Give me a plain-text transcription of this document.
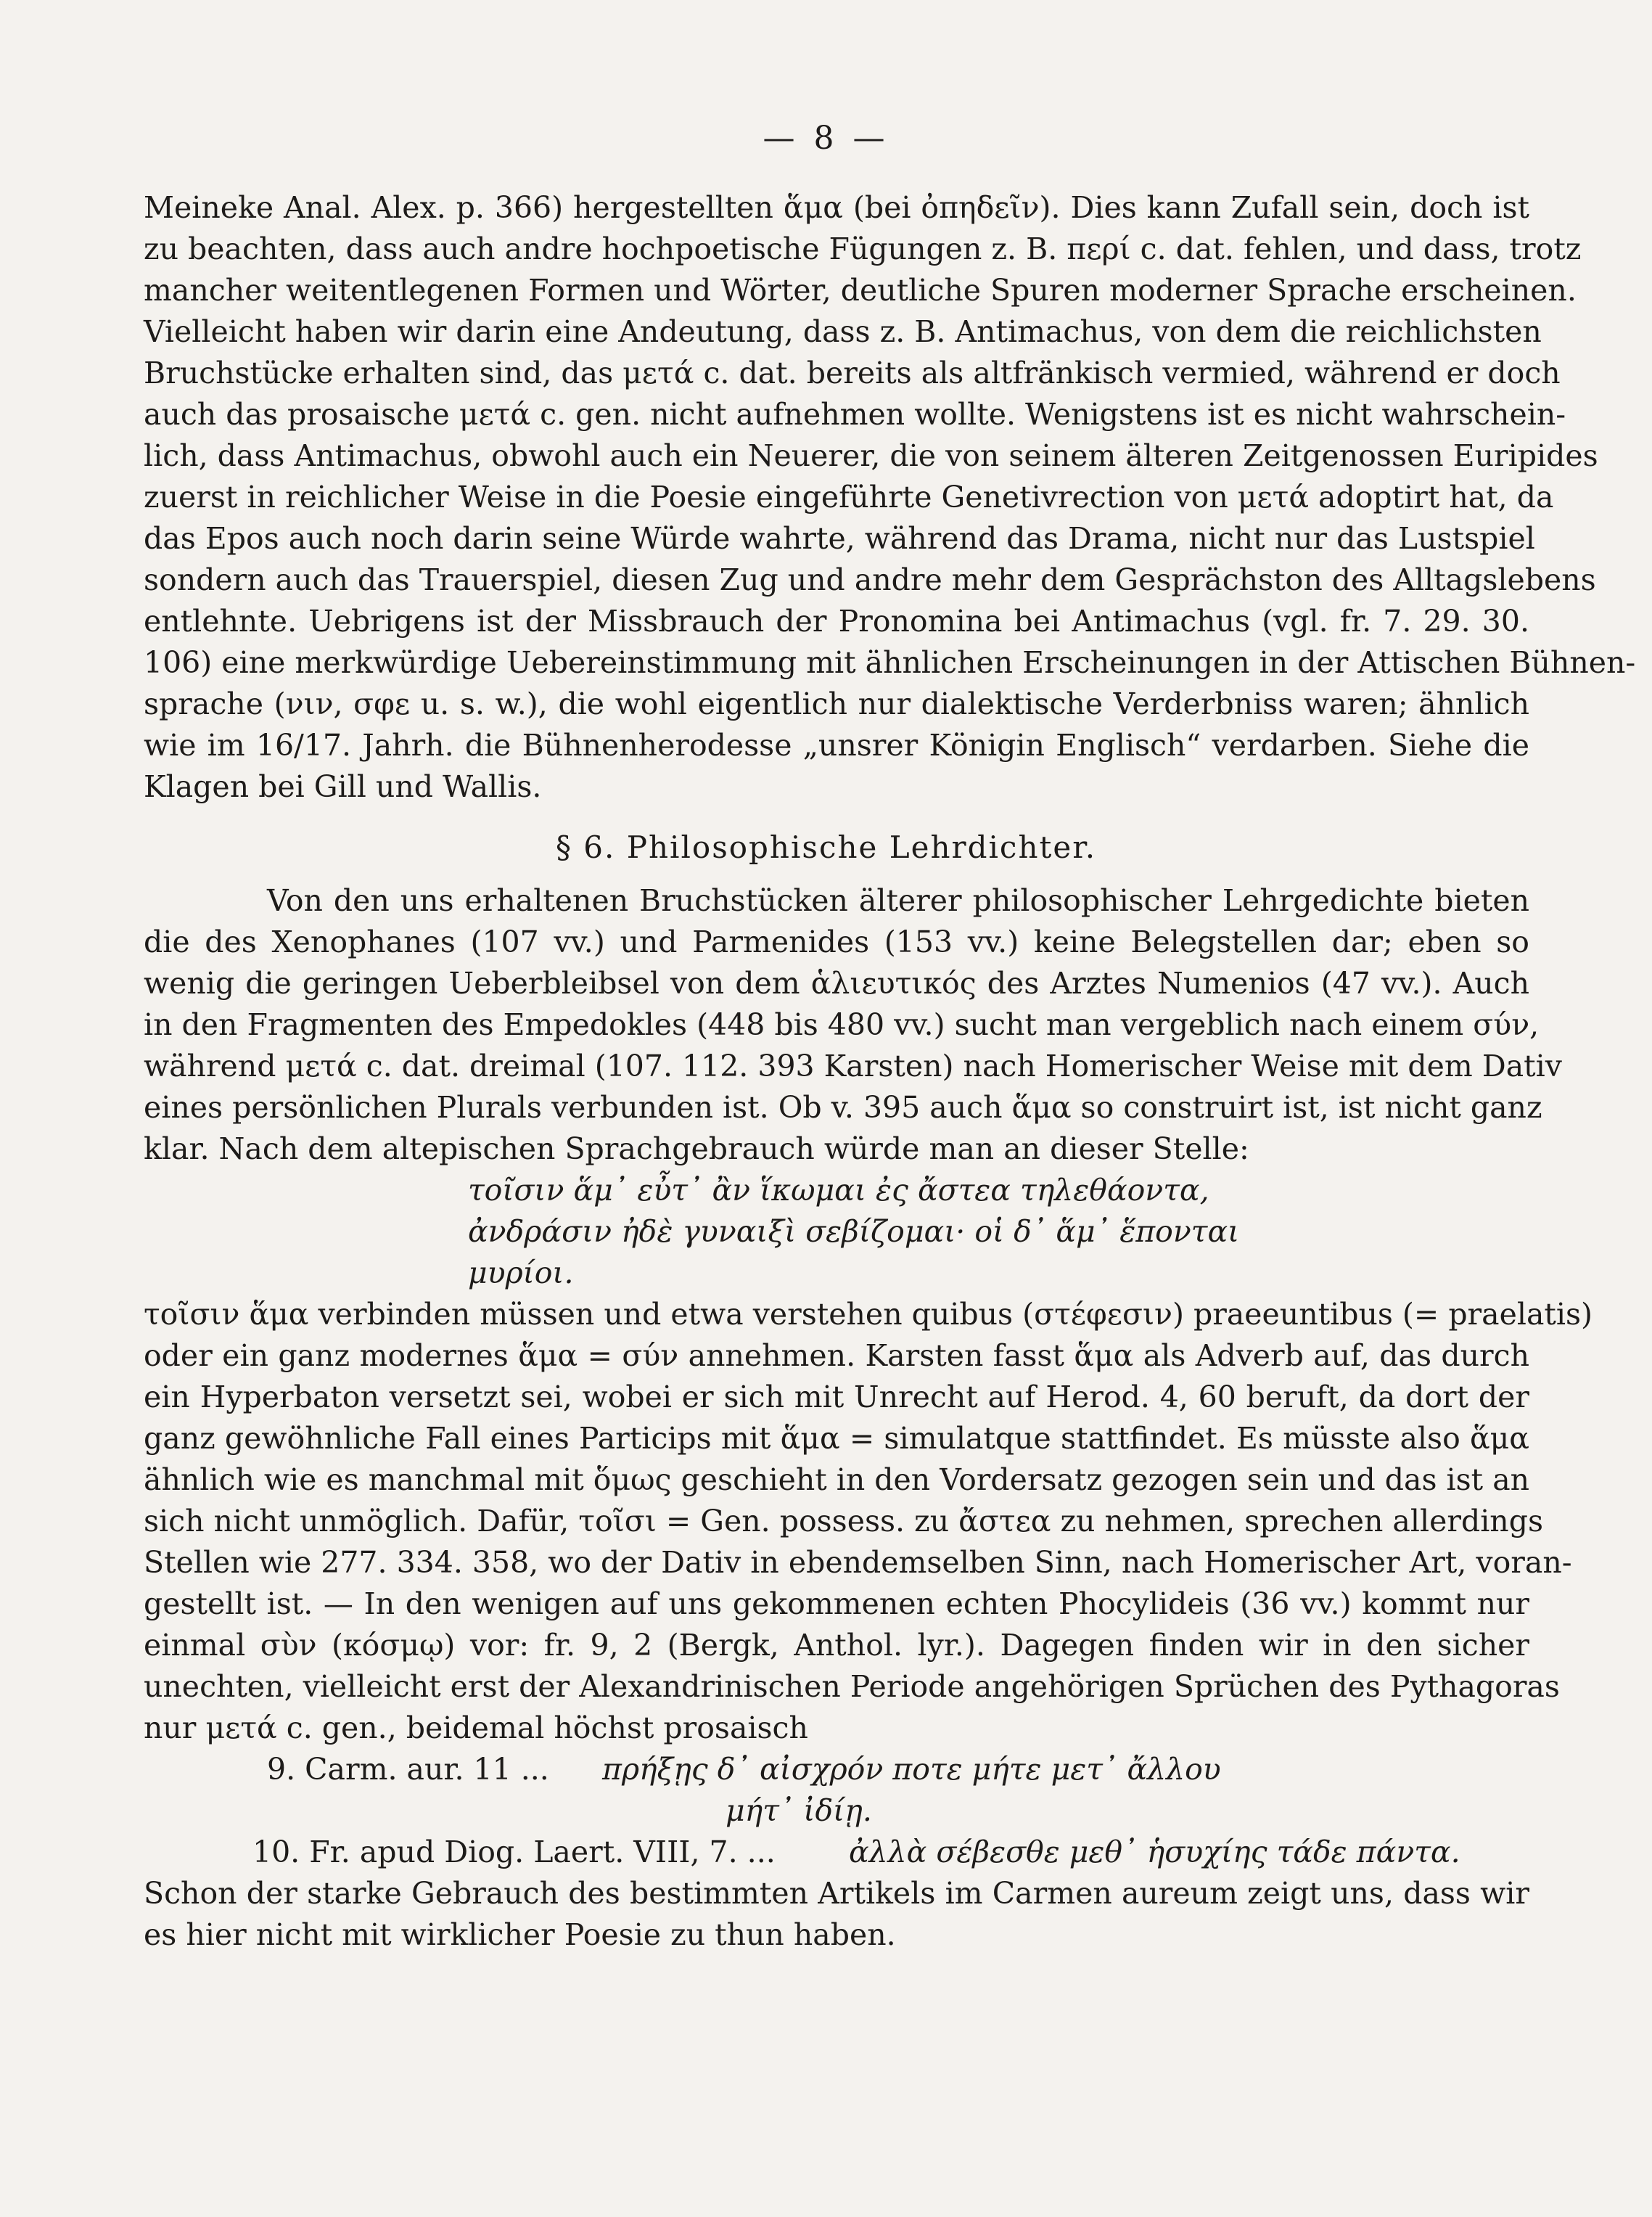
— 8 —
Meineke Anal. Alex. p. 366) hergestellten ἅμα (bei ὀπηδεῖν). Dies kann Zufall sein, doch ist
zu beachten, dass auch andre hochpoetische Fügungen z. B. περί c. dat. fehlen, und dass, trotz
mancher weitentlegenen Formen und Wörter, deutliche Spuren moderner Sprache erscheinen.
Vielleicht haben wir darin eine Andeutung, dass z. B. Antimachus, von dem die reichlichsten
Bruchstücke erhalten sind, das μετά c. dat. bereits als altfränkisch vermied, während er doch
auch das prosaische μετά c. gen. nicht aufnehmen wollte. Wenigstens ist es nicht wahrschein-
lich, dass Antimachus, obwohl auch ein Neuerer, die von seinem älteren Zeitgenossen Euripides
zuerst in reichlicher Weise in die Poesie eingeführte Genetivrection von μετά adoptirt hat, da
das Epos auch noch darin seine Würde wahrte, während das Drama, nicht nur das Lustspiel
sondern auch das Trauerspiel, diesen Zug und andre mehr dem Gesprächston des Alltagslebens
entlehnte. Uebrigens ist der Missbrauch der Pronomina bei Antimachus (vgl. fr. 7. 29. 30.
106) eine merkwürdige Uebereinstimmung mit ähnlichen Erscheinungen in der Attischen Bühnen-
sprache (νιν, σφε u. s. w.), die wohl eigentlich nur dialektische Verderbniss waren; ähnlich
wie im 16/17. Jahrh. die Bühnenherodesse „unsrer Königin Englisch“ verdarben. Siehe die
Klagen bei Gill und Wallis.
§ 6. Philosophische Lehrdichter.
Von den uns erhaltenen Bruchstücken älterer philosophischer Lehrgedichte bieten
die des Xenophanes (107 vv.) und Parmenides (153 vv.) keine Belegstellen dar; eben so
wenig die geringen Ueberbleibsel von dem ἁλιευτικός des Arztes Numenios (47 vv.). Auch
in den Fragmenten des Empedokles (448 bis 480 vv.) sucht man vergeblich nach einem σύν,
während μετά c. dat. dreimal (107. 112. 393 Karsten) nach Homerischer Weise mit dem Dativ
eines persönlichen Plurals verbunden ist. Ob v. 395 auch ἅμα so construirt ist, ist nicht ganz
klar. Nach dem altepischen Sprachgebrauch würde man an dieser Stelle:
τοῖσιν ἅμ᾽ εὖτ᾽ ἂν ἵκωμαι ἐς ἄστεα τηλεθάοντα,
ἀνδράσιν ἠδὲ γυναιξὶ σεβίζομαι· οἱ δ᾽ ἅμ᾽ ἕπονται
μυρίοι.
τοῖσιν ἅμα verbinden müssen und etwa verstehen quibus (στέφεσιν) praeeuntibus (= praelatis)
oder ein ganz modernes ἅμα = σύν annehmen. Karsten fasst ἅμα als Adverb auf, das durch
ein Hyperbaton versetzt sei, wobei er sich mit Unrecht auf Herod. 4, 60 beruft, da dort der
ganz gewöhnliche Fall eines Particips mit ἅμα = simulatque stattfindet. Es müsste also ἅμα
ähnlich wie es manchmal mit ὅμως geschieht in den Vordersatz gezogen sein und das ist an
sich nicht unmöglich. Dafür, τοῖσι = Gen. possess. zu ἄστεα zu nehmen, sprechen allerdings
Stellen wie 277. 334. 358, wo der Dativ in ebendemselben Sinn, nach Homerischer Art, voran-
gestellt ist. — In den wenigen auf uns gekommenen echten Phocylideis (36 vv.) kommt nur
einmal σὺν (κόσμῳ) vor: fr. 9, 2 (Bergk, Anthol. lyr.). Dagegen finden wir in den sicher
unechten, vielleicht erst der Alexandrinischen Periode angehörigen Sprüchen des Pythagoras
nur μετά c. gen., beidemal höchst prosaisch
9. Carm. aur. 11 ... πρήξῃς δ᾽ αἰσχρόν ποτε μήτε μετ᾽ ἄλλου
μήτ᾽ ἰδίῃ.
10. Fr. apud Diog. Laert. VIII, 7. ... ἀλλὰ σέβεσθε μεθ᾽ ἡσυχίης τάδε πάντα.
Schon der starke Gebrauch des bestimmten Artikels im Carmen aureum zeigt uns, dass wir
es hier nicht mit wirklicher Poesie zu thun haben.
